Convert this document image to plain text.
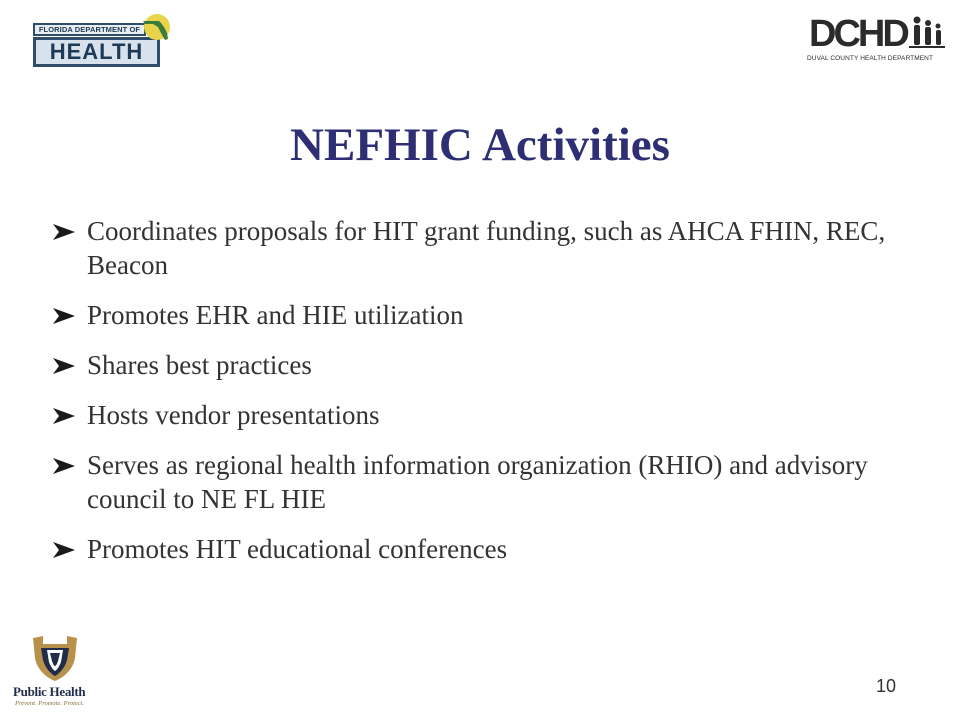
FLORIDA DEPARTMENT OF
HEALTH	DCHD
DUVAL COUNTY HEALTH DEPARTMENT
NEFHIC Activities
Coordinates proposals for HIT grant funding, such as AHCA FHIN, REC, Beacon
Promotes EHR and HIE utilization
Shares best practices
Hosts vendor presentations
Serves as regional health information organization (RHIO) and advisory council to NE FL HIE
Promotes HIT educational conferences
Public Health
Prevent. Promote. Protect.
10
